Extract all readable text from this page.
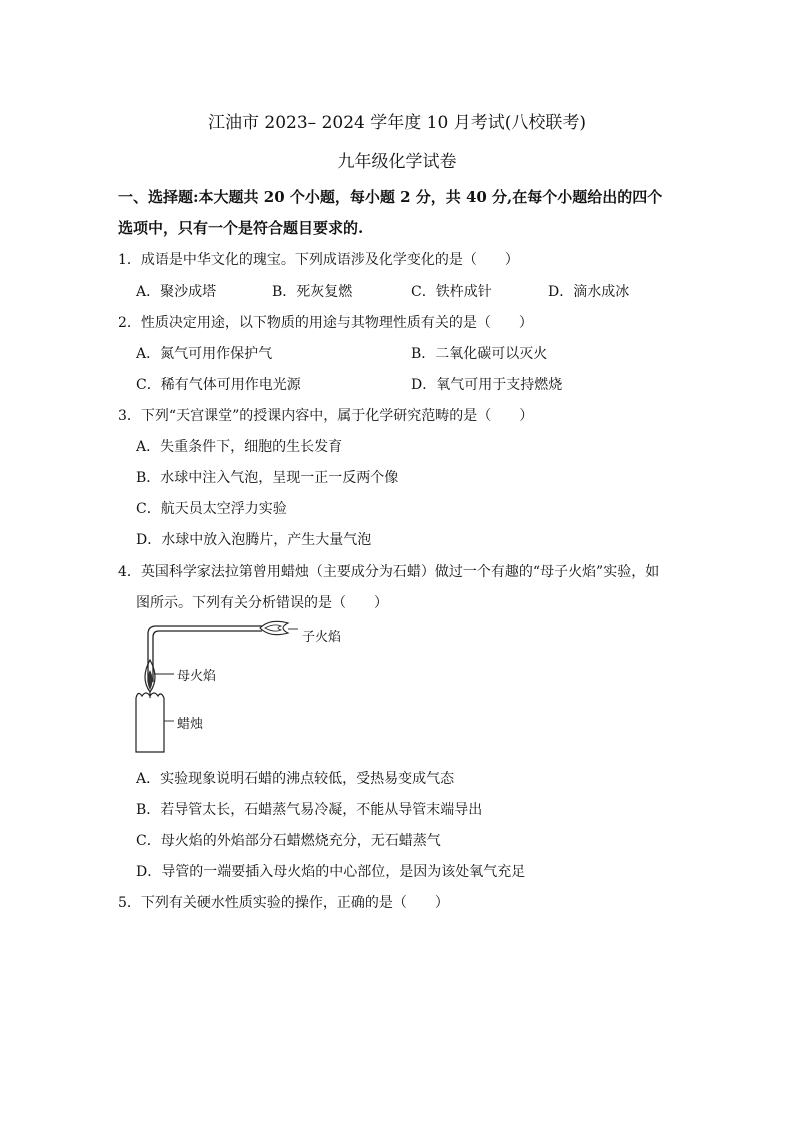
江油市 2023– 2024 学年度 10 月考试(八校联考)
九年级化学试卷
一、选择题:本大题共 20 个小题，每小题 2 分，共 40 分,在每个小题给出的四个
选项中，只有一个是符合题目要求的.
1．成语是中华文化的瑰宝。下列成语涉及化学变化的是（　　）
A．聚沙成塔	B．死灰复燃	C．铁杵成针	D．滴水成冰
2．性质决定用途，以下物质的用途与其物理性质有关的是（　　）
A．氮气可用作保护气	B．二氧化碳可以灭火
C．稀有气体可用作电光源	D．氧气可用于支持燃烧
3．下列“天宫课堂”的授课内容中，属于化学研究范畴的是（　　）
A．失重条件下，细胞的生长发育
B．水球中注入气泡，呈现一正一反两个像
C．航天员太空浮力实验
D．水球中放入泡腾片，产生大量气泡
4．英国科学家法拉第曾用蜡烛（主要成分为石蜡）做过一个有趣的“母子火焰”实验，如
图所示。下列有关分析错误的是（　　）
子火焰
母火焰
蜡烛
A．实验现象说明石蜡的沸点较低，受热易变成气态
B．若导管太长，石蜡蒸气易冷凝，不能从导管末端导出
C．母火焰的外焰部分石蜡燃烧充分，无石蜡蒸气
D．导管的一端要插入母火焰的中心部位，是因为该处氧气充足
5．下列有关硬水性质实验的操作，正确的是（　　）
